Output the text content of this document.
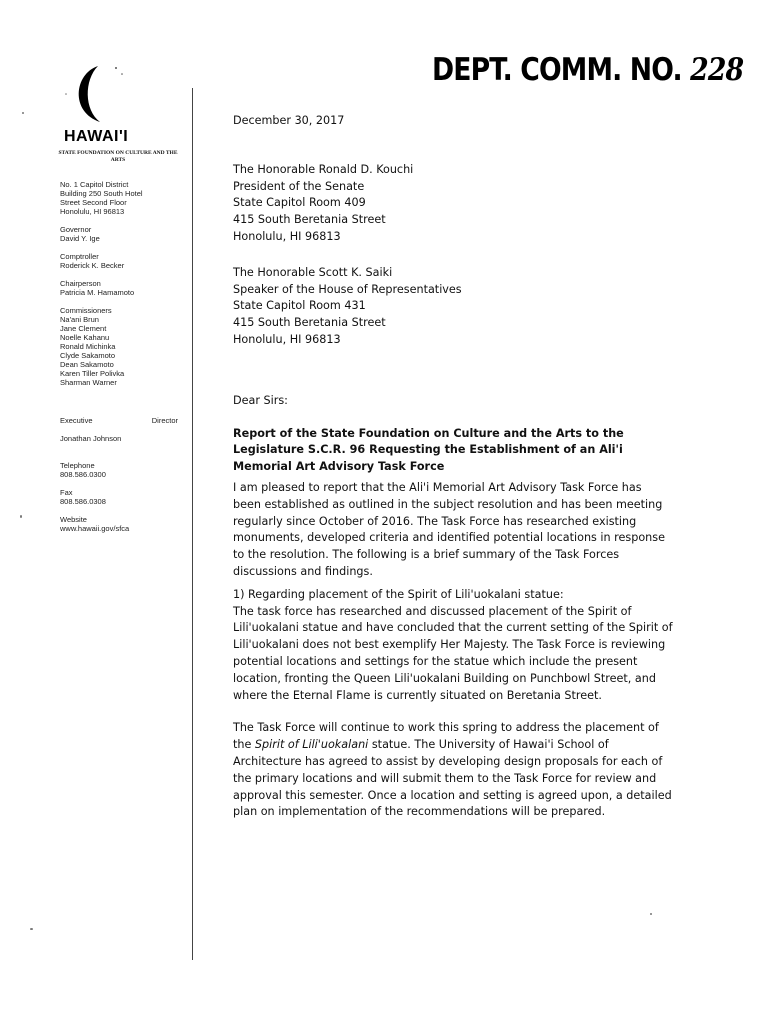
DEPT. COMM. NO. 228
HAWAI'I
STATE FOUNDATION ON CULTURE AND THE ARTS
No. 1 Capitol District
Building 250 South Hotel
Street Second Floor
Honolulu, HI 96813
Governor
David Y. Ige
Comptroller
Roderick K. Becker
Chairperson
Patricia M. Hamamoto
Commissioners
Na'ani Brun
Jane Clement
Noelle Kahanu
Ronald Michinka
Clyde Sakamoto
Dean Sakamoto
Karen Tiller Polivka
Sharman Warner

Executive	Director

Jonathan Johnson

Telephone
808.586.0300
Fax
808.586.0308
Website
www.hawaii.gov/sfca

December 30, 2017

The Honorable Ronald D. Kouchi
President of the Senate
State Capitol Room 409
415 South Beretania Street
Honolulu, HI 96813

The Honorable Scott K. Saiki
Speaker of the House of Representatives
State Capitol Room 431
415 South Beretania Street
Honolulu, HI 96813

Dear Sirs:

Report of the State Foundation on Culture and the Arts to the Legislature S.C.R. 96 Requesting the Establishment of an Ali'i Memorial Art Advisory Task Force

I am pleased to report that the Ali'i Memorial Art Advisory Task Force has been established as outlined in the subject resolution and has been meeting regularly since October of 2016. The Task Force has researched existing monuments, developed criteria and identified potential locations in response to the resolution. The following is a brief summary of the Task Forces discussions and findings.

1) Regarding placement of the Spirit of Lili'uokalani statue:

The task force has researched and discussed placement of the Spirit of Lili'uokalani statue and have concluded that the current setting of the Spirit of Lili'uokalani does not best exemplify Her Majesty. The Task Force is reviewing potential locations and settings for the statue which include the present location, fronting the Queen Lili'uokalani Building on Punchbowl Street, and where the Eternal Flame is currently situated on Beretania Street.

The Task Force will continue to work this spring to address the placement of the Spirit of Lili'uokalani statue. The University of Hawai'i School of Architecture has agreed to assist by developing design proposals for each of the primary locations and will submit them to the Task Force for review and approval this semester. Once a location and setting is agreed upon, a detailed plan on implementation of the recommendations will be prepared.
